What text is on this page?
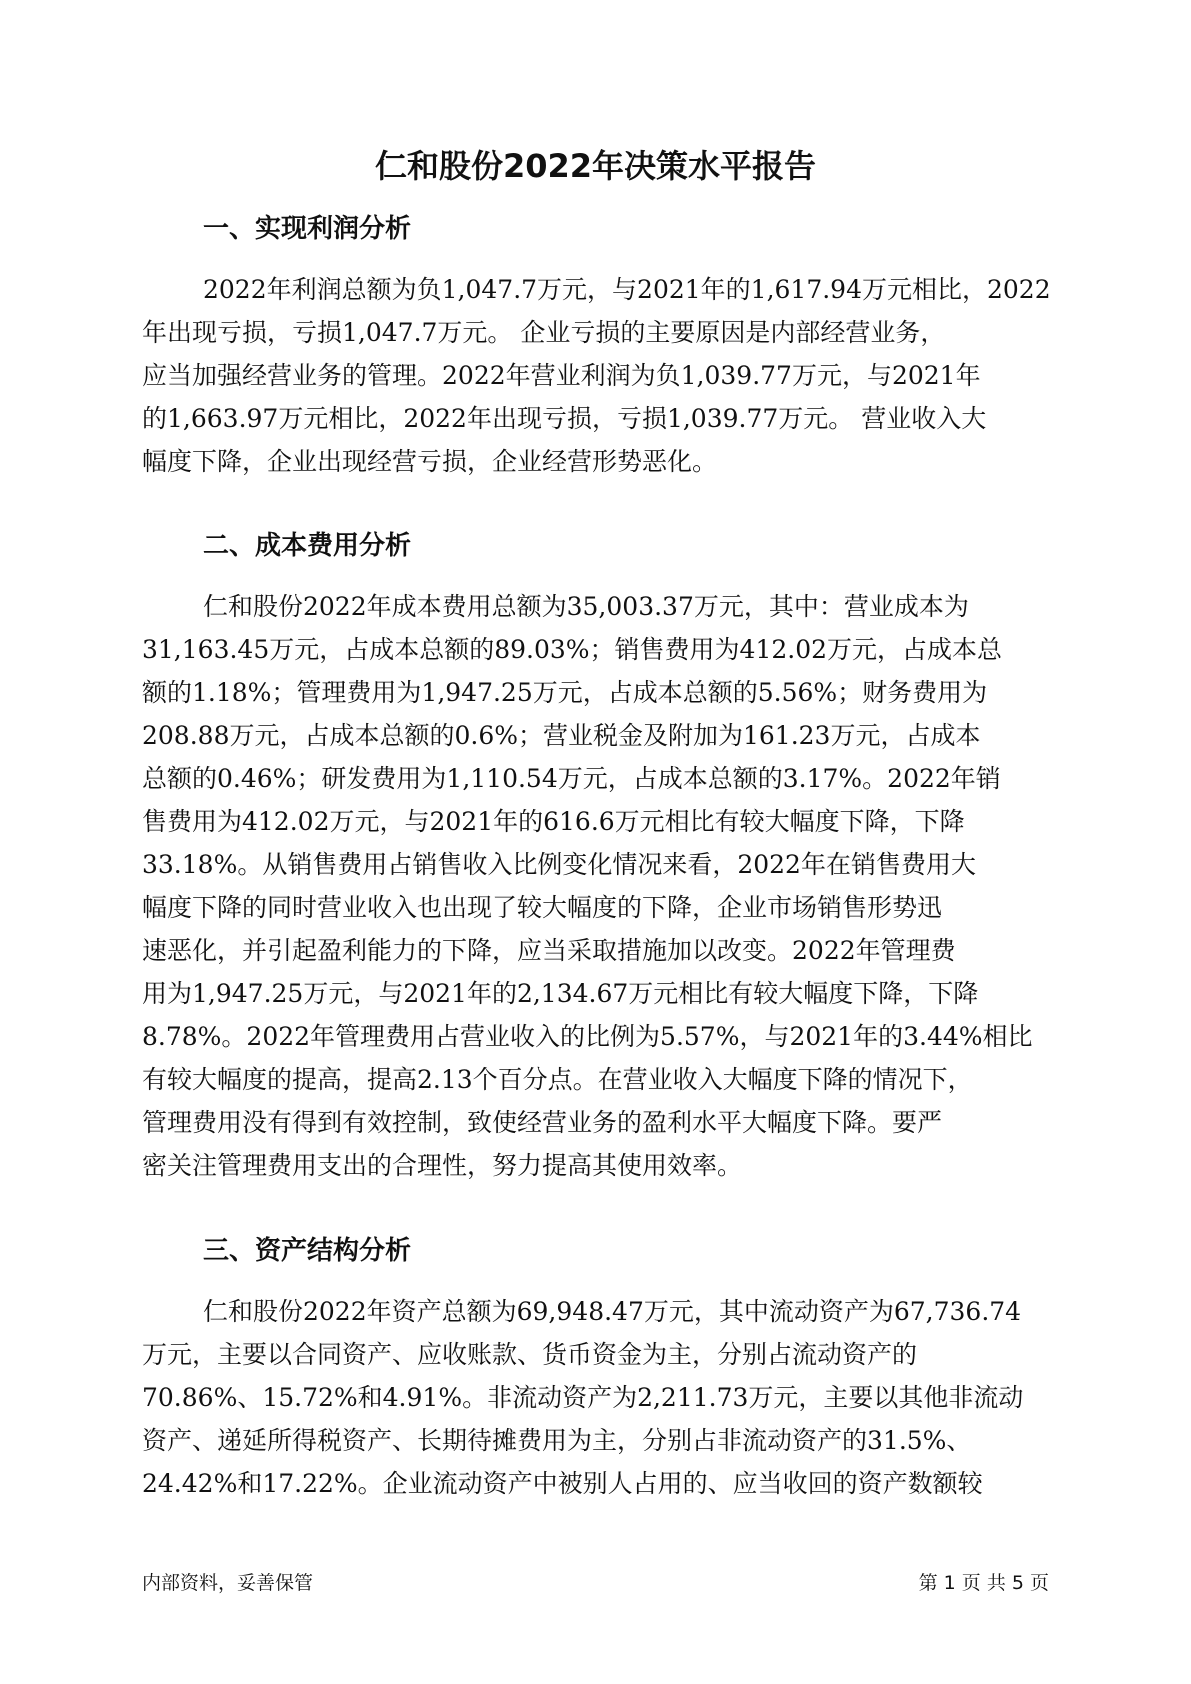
仁和股份2022年决策水平报告
一、实现利润分析
2022年利润总额为负1,047.7万元，与2021年的1,617.94万元相比，2022
年出现亏损，亏损1,047.7万元。 企业亏损的主要原因是内部经营业务，
应当加强经营业务的管理。2022年营业利润为负1,039.77万元，与2021年
的1,663.97万元相比，2022年出现亏损，亏损1,039.77万元。 营业收入大
幅度下降，企业出现经营亏损，企业经营形势恶化。
二、成本费用分析
仁和股份2022年成本费用总额为35,003.37万元，其中：营业成本为
31,163.45万元，占成本总额的89.03%；销售费用为412.02万元，占成本总
额的1.18%；管理费用为1,947.25万元，占成本总额的5.56%；财务费用为
208.88万元，占成本总额的0.6%；营业税金及附加为161.23万元，占成本
总额的0.46%；研发费用为1,110.54万元，占成本总额的3.17%。2022年销
售费用为412.02万元，与2021年的616.6万元相比有较大幅度下降，下降
33.18%。从销售费用占销售收入比例变化情况来看，2022年在销售费用大
幅度下降的同时营业收入也出现了较大幅度的下降，企业市场销售形势迅
速恶化，并引起盈利能力的下降，应当采取措施加以改变。2022年管理费
用为1,947.25万元，与2021年的2,134.67万元相比有较大幅度下降，下降
8.78%。2022年管理费用占营业收入的比例为5.57%，与2021年的3.44%相比
有较大幅度的提高，提高2.13个百分点。在营业收入大幅度下降的情况下，
管理费用没有得到有效控制，致使经营业务的盈利水平大幅度下降。要严
密关注管理费用支出的合理性，努力提高其使用效率。
三、资产结构分析
仁和股份2022年资产总额为69,948.47万元，其中流动资产为67,736.74
万元，主要以合同资产、应收账款、货币资金为主，分别占流动资产的
70.86%、15.72%和4.91%。非流动资产为2,211.73万元，主要以其他非流动
资产、递延所得税资产、长期待摊费用为主，分别占非流动资产的31.5%、
24.42%和17.22%。企业流动资产中被别人占用的、应当收回的资产数额较
内部资料，妥善保管	第 1 页 共 5 页
